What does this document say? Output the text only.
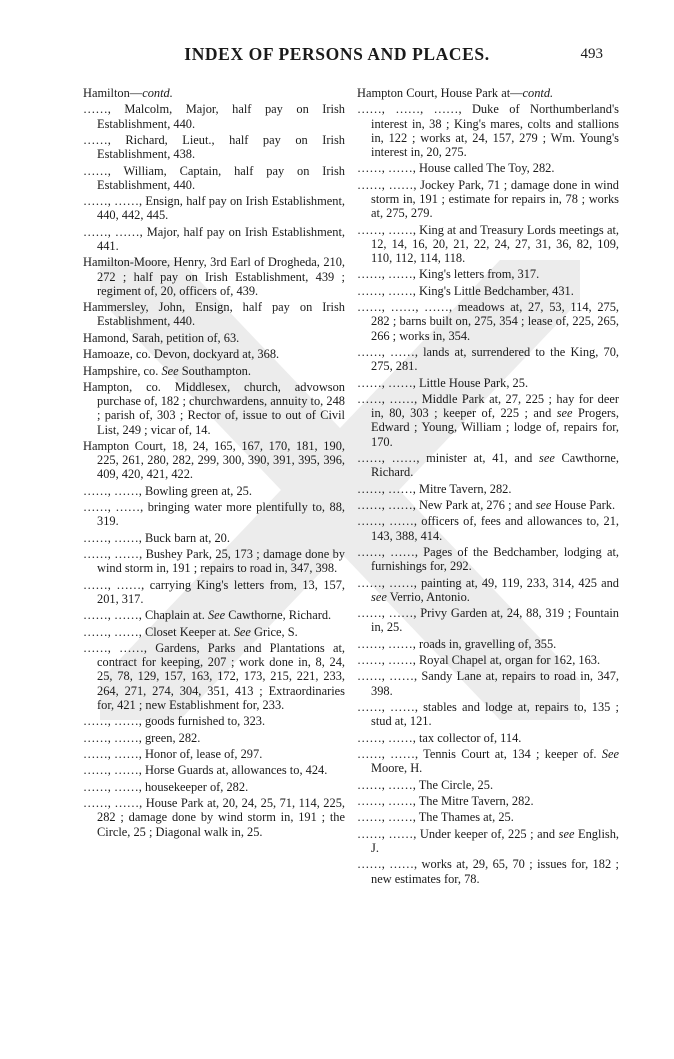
INDEX OF PERSONS AND PLACES.	493

Hamilton—contd.

……, Malcolm, Major, half pay on Irish Establishment, 440.

……, Richard, Lieut., half pay on Irish Establishment, 438.

……, William, Captain, half pay on Irish Establishment, 440.

……, ……, Ensign, half pay on Irish Establishment, 440, 442, 445.

……, ……, Major, half pay on Irish Establishment, 441.

Hamilton-Moore, Henry, 3rd Earl of Drogheda, 210, 272 ; half pay on Irish Establishment, 439 ; regiment of, 20, officers of, 439.

Hammersley, John, Ensign, half pay on Irish Establishment, 440.

Hamond, Sarah, petition of, 63.

Hamoaze, co. Devon, dockyard at, 368.

Hampshire, co. See Southampton.

Hampton, co. Middlesex, church, advowson purchase of, 182 ; churchwardens, annuity to, 248 ; parish of, 303 ; Rector of, issue to out of Civil List, 249 ; vicar of, 14.

Hampton Court, 18, 24, 165, 167, 170, 181, 190, 225, 261, 280, 282, 299, 300, 390, 391, 395, 396, 409, 420, 421, 422.

……, ……, Bowling green at, 25.

……, ……, bringing water more plentifully to, 88, 319.

……, ……, Buck barn at, 20.

……, ……, Bushey Park, 25, 173 ; damage done by wind storm in, 191 ; repairs to road in, 347, 398.

……, ……, carrying King's letters from, 13, 157, 201, 317.

……, ……, Chaplain at. See Cawthorne, Richard.

……, ……, Closet Keeper at. See Grice, S.

……, ……, Gardens, Parks and Plantations at, contract for keeping, 207 ; work done in, 8, 24, 25, 78, 129, 157, 163, 172, 173, 215, 221, 233, 264, 271, 274, 304, 351, 413 ; Extraordinaries for, 421 ; new Establishment for, 233.

……, ……, goods furnished to, 323.

……, ……, green, 282.

……, ……, Honor of, lease of, 297.

……, ……, Horse Guards at, allowances to, 424.

……, ……, housekeeper of, 282.

……, ……, House Park at, 20, 24, 25, 71, 114, 225, 282 ; damage done by wind storm in, 191 ; the Circle, 25 ; Diagonal walk in, 25.

Hampton Court, House Park at—contd.

……, ……, ……, Duke of Northumberland's interest in, 38 ; King's mares, colts and stallions in, 122 ; works at, 24, 157, 279 ; Wm. Young's interest in, 20, 275.

……, ……, House called The Toy, 282.

……, ……, Jockey Park, 71 ; damage done in wind storm in, 191 ; estimate for repairs in, 78 ; works at, 275, 279.

……, ……, King at and Treasury Lords meetings at, 12, 14, 16, 20, 21, 22, 24, 27, 31, 36, 82, 109, 110, 112, 114, 118.

……, ……, King's letters from, 317.

……, ……, King's Little Bedchamber, 431.

……, ……, ……, meadows at, 27, 53, 114, 275, 282 ; barns built on, 275, 354 ; lease of, 225, 265, 266 ; works in, 354.

……, ……, lands at, surrendered to the King, 70, 275, 281.

……, ……, Little House Park, 25.

……, ……, Middle Park at, 27, 225 ; hay for deer in, 80, 303 ; keeper of, 225 ; and see Progers, Edward ; Young, William ; lodge of, repairs for, 170.

……, ……, minister at, 41, and see Cawthorne, Richard.

……, ……, Mitre Tavern, 282.

……, ……, New Park at, 276 ; and see House Park.

……, ……, officers of, fees and allowances to, 21, 143, 388, 414.

……, ……, Pages of the Bedchamber, lodging at, furnishings for, 292.

……, ……, painting at, 49, 119, 233, 314, 425 and see Verrio, Antonio.

……, ……, Privy Garden at, 24, 88, 319 ; Fountain in, 25.

……, ……, roads in, gravelling of, 355.

……, ……, Royal Chapel at, organ for 162, 163.

……, ……, Sandy Lane at, repairs to road in, 347, 398.

……, ……, stables and lodge at, repairs to, 135 ; stud at, 121.

……, ……, tax collector of, 114.

……, ……, Tennis Court at, 134 ; keeper of. See Moore, H.

……, ……, The Circle, 25.

……, ……, The Mitre Tavern, 282.

……, ……, The Thames at, 25.

……, ……, Under keeper of, 225 ; and see English, J.

……, ……, works at, 29, 65, 70 ; issues for, 182 ; new estimates for, 78.
